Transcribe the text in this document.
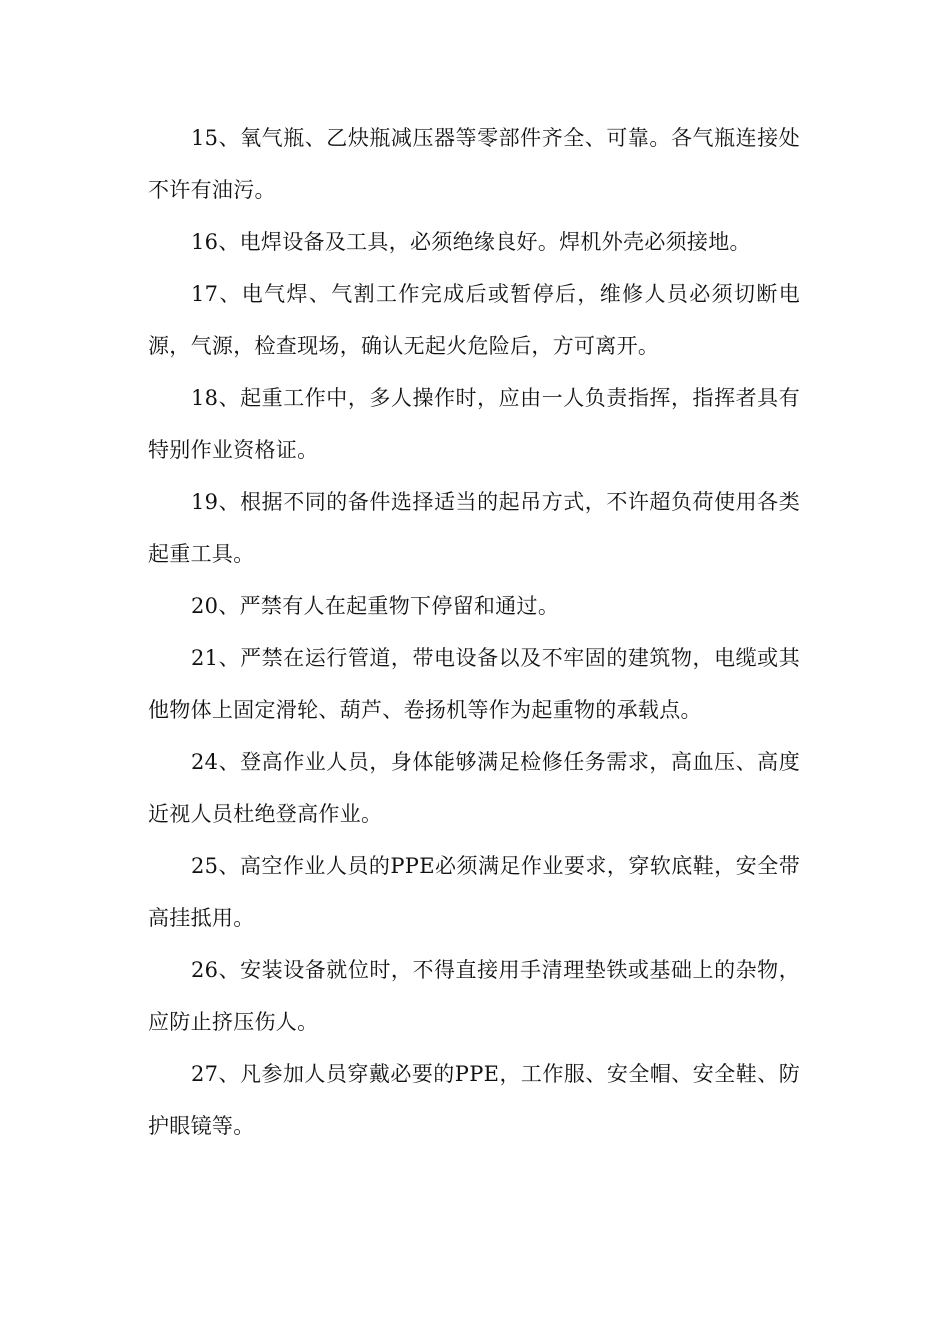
15、氧气瓶、乙炔瓶减压器等零部件齐全、可靠。各气瓶连接处不许有油污。

16、电焊设备及工具，必须绝缘良好。焊机外壳必须接地。

17、电气焊、气割工作完成后或暂停后，维修人员必须切断电源，气源，检查现场，确认无起火危险后，方可离开。

18、起重工作中，多人操作时，应由一人负责指挥，指挥者具有特别作业资格证。

19、根据不同的备件选择适当的起吊方式，不许超负荷使用各类起重工具。

20、严禁有人在起重物下停留和通过。

21、严禁在运行管道，带电设备以及不牢固的建筑物，电缆或其他物体上固定滑轮、葫芦、卷扬机等作为起重物的承载点。

24、登高作业人员，身体能够满足检修任务需求，高血压、高度近视人员杜绝登高作业。

25、高空作业人员的PPE必须满足作业要求，穿软底鞋，安全带高挂抵用。

26、安装设备就位时，不得直接用手清理垫铁或基础上的杂物，应防止挤压伤人。

27、凡参加人员穿戴必要的PPE，工作服、安全帽、安全鞋、防护眼镜等。
